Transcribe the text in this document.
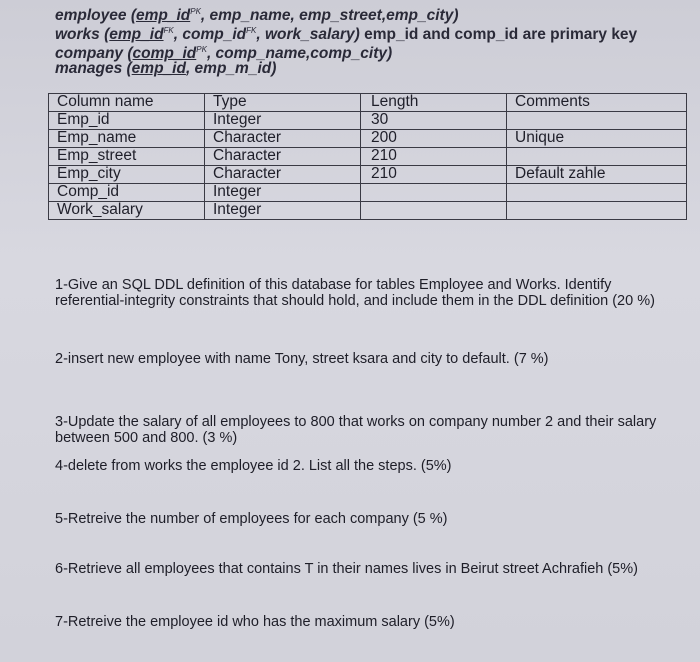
employee ($emp\_id^{PK}$, emp_name, emp_street,emp_city)
works ($emp\_id^{FK}$, $comp\_id^{FK}$, work_salary) emp_id and comp_id are primary key
company ($comp\_id^{PK}$, comp_name,comp_city)
manages (emp_id, emp_m_id)
Column name	Type	Length	Comments
Emp_id	Integer	30	
Emp_name	Character	200	Unique
Emp_street	Character	210	
Emp_city	Character	210	Default zahle
Comp_id	Integer		
Work_salary	Integer		
1-Give an SQL DDL definition of this database for tables Employee and Works. Identify referential-integrity constraints that should hold, and include them in the DDL definition (20 %)
2-insert new employee with name Tony, street ksara and city to default. (7 %)
3-Update the salary of all employees to 800 that works on company number 2 and their salary between 500 and 800. (3 %)
4-delete from works the employee id 2. List all the steps. (5%)
5-Retreive the number of employees for each company (5 %)
6-Retrieve all employees that contains T in their names lives in Beirut street Achrafieh (5%)
7-Retreive the employee id who has the maximum salary (5%)
